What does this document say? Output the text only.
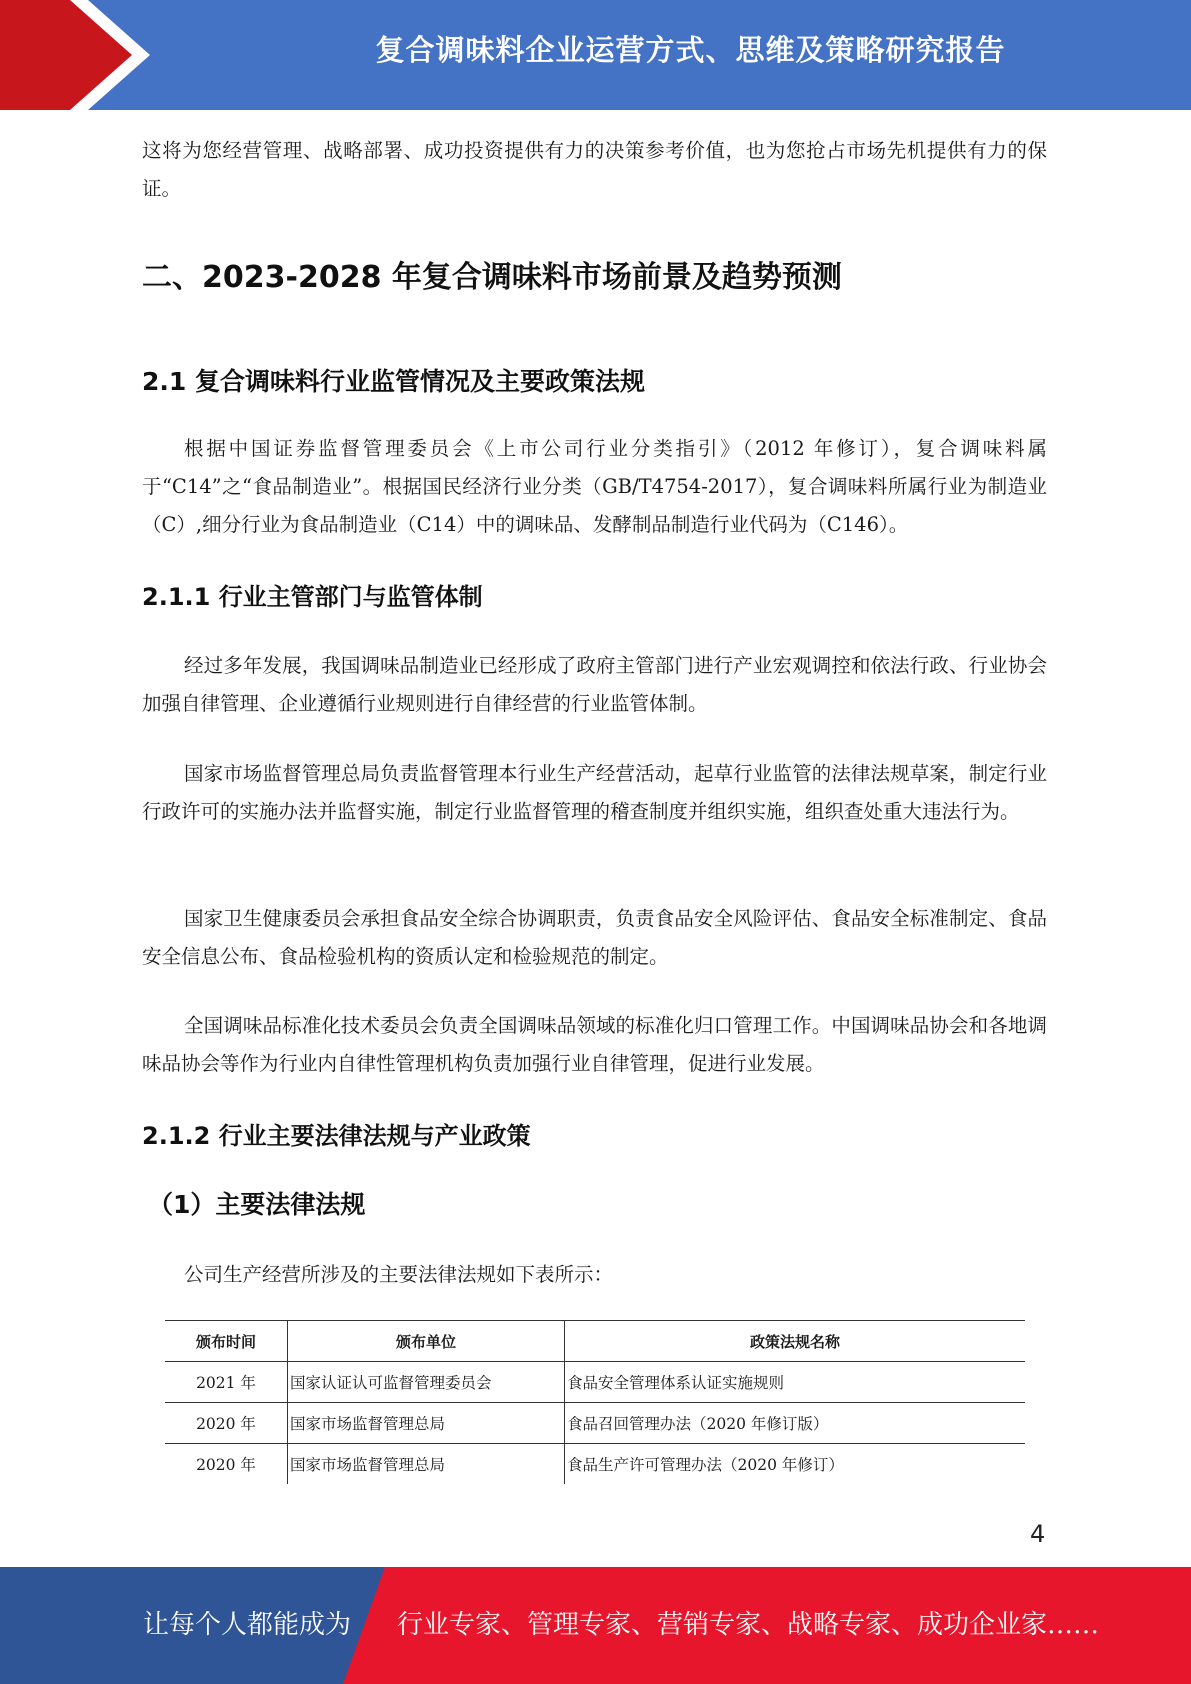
复合调味料企业运营方式、思维及策略研究报告

这将为您经营管理、战略部署、成功投资提供有力的决策参考价值，也为您抢占市场先机提供有力的保证。

二、2023-2028 年复合调味料市场前景及趋势预测
2.1 复合调味料行业监管情况及主要政策法规

根据中国证券监督管理委员会《上市公司行业分类指引》（2012 年修订），复合调味料属于“C14”之“食品制造业”。根据国民经济行业分类（GB/T4754-2017），复合调味料所属行业为制造业（C）,细分行业为食品制造业（C14）中的调味品、发酵制品制造行业代码为（C146）。

2.1.1 行业主管部门与监管体制

经过多年发展，我国调味品制造业已经形成了政府主管部门进行产业宏观调控和依法行政、行业协会加强自律管理、企业遵循行业规则进行自律经营的行业监管体制。

国家市场监督管理总局负责监督管理本行业生产经营活动，起草行业监管的法律法规草案，制定行业行政许可的实施办法并监督实施，制定行业监督管理的稽查制度并组织实施，组织查处重大违法行为。

国家卫生健康委员会承担食品安全综合协调职责，负责食品安全风险评估、食品安全标准制定、食品安全信息公布、食品检验机构的资质认定和检验规范的制定。

全国调味品标准化技术委员会负责全国调味品领域的标准化归口管理工作。中国调味品协会和各地调味品协会等作为行业内自律性管理机构负责加强行业自律管理，促进行业发展。

2.1.2 行业主要法律法规与产业政策
（1）主要法律法规

公司生产经营所涉及的主要法律法规如下表所示：

颁布时间	颁布单位	政策法规名称
2021 年	国家认证认可监督管理委员会	食品安全管理体系认证实施规则
2020 年	国家市场监督管理总局	食品召回管理办法（2020 年修订版）
2020 年	国家市场监督管理总局	食品生产许可管理办法（2020 年修订）
4
让每个人都能成为 行业专家、管理专家、营销专家、战略专家、成功企业家……
